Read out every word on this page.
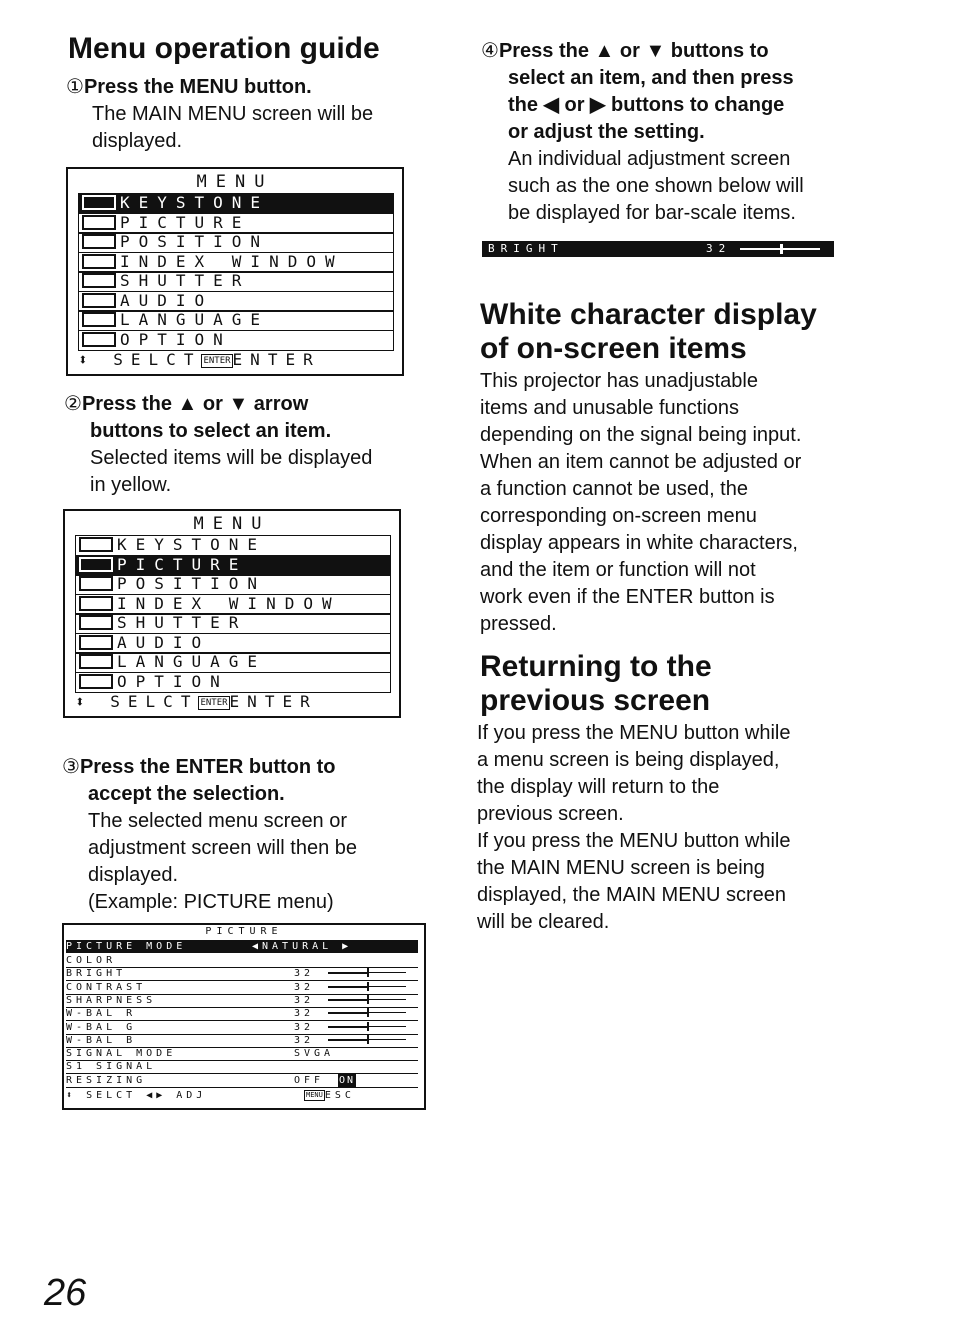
Menu operation guide
①Press the MENU button.
The MAIN MENU screen will be
displayed.
MENU
KEYSTONE
PICTURE
POSITION
INDEX WINDOW
SHUTTER
AUDIO
LANGUAGE
OPTION
⬍ SELCT ENTER ENTER
②Press the ▲ or ▼ arrow
buttons to select an item.
Selected items will be displayed
in yellow.
MENU
KEYSTONE
PICTURE
POSITION
INDEX WINDOW
SHUTTER
AUDIO
LANGUAGE
OPTION
⬍ SELCT ENTER ENTER
③Press the ENTER button to
accept the selection.
The selected menu screen or
adjustment screen will then be
displayed.
(Example: PICTURE menu)
PICTURE
PICTURE MODE	◀NATURAL ▶
COLOR
BRIGHT	32
CONTRAST	32
SHARPNESS	32
W-BAL R	32
W-BAL G	32
W-BAL B	32
SIGNAL MODE	SVGA
S1 SIGNAL
RESIZING	OFF ON
⬍ SELCT ◀▶ ADJ	MENU ESC
④Press the ▲ or ▼ buttons to
select an item, and then press
the ◀ or ▶ buttons to change
or adjust the setting.
An individual adjustment screen
such as the one shown below will
be displayed for bar-scale items.
BRIGHT	32
White character display
of on-screen items
This projector has unadjustable
items and unusable functions
depending on the signal being input.
When an item cannot be adjusted or
a function cannot be used, the
corresponding on-screen menu
display appears in white characters,
and the item or function will not
work even if the ENTER button is
pressed.
Returning to the
previous screen
If you press the MENU button while
a menu screen is being displayed,
the display will return to the
previous screen.
If you press the MENU button while
the MAIN MENU screen is being
displayed, the MAIN MENU screen
will be cleared.
26
